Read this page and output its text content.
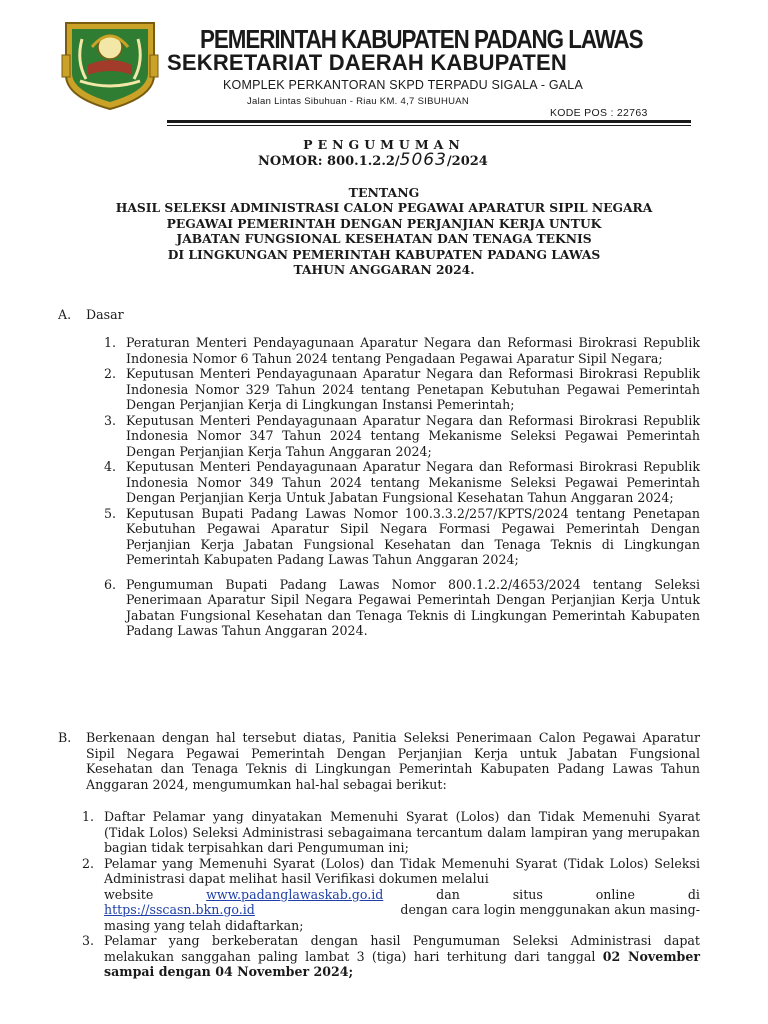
PEMERINTAH KABUPATEN PADANG LAWAS
SEKRETARIAT DAERAH KABUPATEN
KOMPLEK PERKANTORAN SKPD TERPADU SIGALA - GALA
Jalan Lintas Sibuhuan - Riau KM. 4,7 SIBUHUAN
KODE POS : 22763
PENGUMUMAN
NOMOR: 800.1.2.2/5063/2024
TENTANG
HASIL SELEKSI ADMINISTRASI CALON PEGAWAI APARATUR SIPIL NEGARA
PEGAWAI PEMERINTAH DENGAN PERJANJIAN KERJA UNTUK
JABATAN FUNGSIONAL KESEHATAN DAN TENAGA TEKNIS
DI LINGKUNGAN PEMERINTAH KABUPATEN PADANG LAWAS
TAHUN ANGGARAN 2024.
A. Dasar
1. Peraturan Menteri Pendayagunaan Aparatur Negara dan Reformasi Birokrasi Republik Indonesia Nomor 6 Tahun 2024 tentang Pengadaan Pegawai Aparatur Sipil Negara;
2. Keputusan Menteri Pendayagunaan Aparatur Negara dan Reformasi Birokrasi Republik Indonesia Nomor 329 Tahun 2024 tentang Penetapan Kebutuhan Pegawai Pemerintah Dengan Perjanjian Kerja di Lingkungan Instansi Pemerintah;
3. Keputusan Menteri Pendayagunaan Aparatur Negara dan Reformasi Birokrasi Republik Indonesia Nomor 347 Tahun 2024 tentang Mekanisme Seleksi Pegawai Pemerintah Dengan Perjanjian Kerja Tahun Anggaran 2024;
4. Keputusan Menteri Pendayagunaan Aparatur Negara dan Reformasi Birokrasi Republik Indonesia Nomor 349 Tahun 2024 tentang Mekanisme Seleksi Pegawai Pemerintah Dengan Perjanjian Kerja Untuk Jabatan Fungsional Kesehatan Tahun Anggaran 2024;
5. Keputusan Bupati Padang Lawas Nomor 100.3.3.2/257/KPTS/2024 tentang Penetapan Kebutuhan Pegawai Aparatur Sipil Negara Formasi Pegawai Pemerintah Dengan Perjanjian Kerja Jabatan Fungsional Kesehatan dan Tenaga Teknis di Lingkungan Pemerintah Kabupaten Padang Lawas Tahun Anggaran 2024;
6. Pengumuman Bupati Padang Lawas Nomor 800.1.2.2/4653/2024 tentang Seleksi Penerimaan Aparatur Sipil Negara Pegawai Pemerintah Dengan Perjanjian Kerja Untuk Jabatan Fungsional Kesehatan dan Tenaga Teknis di Lingkungan Pemerintah Kabupaten Padang Lawas Tahun Anggaran 2024.
B. Berkenaan dengan hal tersebut diatas, Panitia Seleksi Penerimaan Calon Pegawai Aparatur Sipil Negara Pegawai Pemerintah Dengan Perjanjian Kerja untuk Jabatan Fungsional Kesehatan dan Tenaga Teknis di Lingkungan Pemerintah Kabupaten Padang Lawas Tahun Anggaran 2024, mengumumkan hal-hal sebagai berikut:
1. Daftar Pelamar yang dinyatakan Memenuhi Syarat (Lolos) dan Tidak Memenuhi Syarat (Tidak Lolos) Seleksi Administrasi sebagaimana tercantum dalam lampiran yang merupakan bagian tidak terpisahkan dari Pengumuman ini;
2. Pelamar yang Memenuhi Syarat (Lolos) dan Tidak Memenuhi Syarat (Tidak Lolos) Seleksi Administrasi dapat melihat hasil Verifikasi dokumen melalui
website	www.padanglawaskab.go.id	dan	situs	online	di
https://sscasn.bkn.go.id	dengan cara login menggunakan akun masing-
masing yang telah didaftarkan;
3. Pelamar yang berkeberatan dengan hasil Pengumuman Seleksi Administrasi dapat melakukan sanggahan paling lambat 3 (tiga) hari terhitung dari tanggal 02 November sampai dengan 04 November 2024;
